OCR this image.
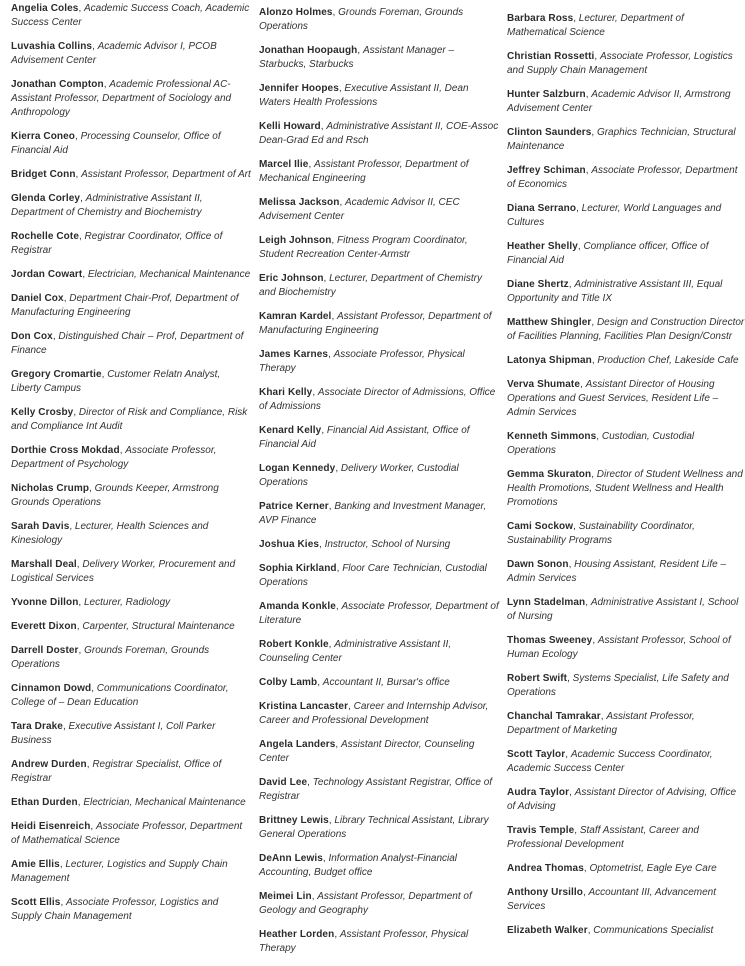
Angelia Coles, Academic Success Coach, Academic Success Center
Luvashia Collins, Academic Advisor I, PCOB Advisement Center
Jonathan Compton, Academic Professional AC-Assistant Professor, Department of Sociology and Anthropology
Kierra Coneo, Processing Counselor, Office of Financial Aid
Bridget Conn, Assistant Professor, Department of Art
Glenda Corley, Administrative Assistant II, Department of Chemistry and Biochemistry
Rochelle Cote, Registrar Coordinator, Office of Registrar
Jordan Cowart, Electrician, Mechanical Maintenance
Daniel Cox, Department Chair-Prof, Department of Manufacturing Engineering
Don Cox, Distinguished Chair – Prof, Department of Finance
Gregory Cromartie, Customer Relatn Analyst, Liberty Campus
Kelly Crosby, Director of Risk and Compliance, Risk and Compliance Int Audit
Dorthie Cross Mokdad, Associate Professor, Department of Psychology
Nicholas Crump, Grounds Keeper, Armstrong Grounds Operations
Sarah Davis, Lecturer, Health Sciences and Kinesiology
Marshall Deal, Delivery Worker, Procurement and Logistical Services
Yvonne Dillon, Lecturer, Radiology
Everett Dixon, Carpenter, Structural Maintenance
Darrell Doster, Grounds Foreman, Grounds Operations
Cinnamon Dowd, Communications Coordinator, College of – Dean Education
Tara Drake, Executive Assistant I, Coll Parker Business
Andrew Durden, Registrar Specialist, Office of Registrar
Ethan Durden, Electrician, Mechanical Maintenance
Heidi Eisenreich, Associate Professor, Department of Mathematical Science
Amie Ellis, Lecturer, Logistics and Supply Chain Management
Scott Ellis, Associate Professor, Logistics and Supply Chain Management
Alonzo Holmes, Grounds Foreman, Grounds Operations
Jonathan Hoopaugh, Assistant Manager – Starbucks, Starbucks
Jennifer Hoopes, Executive Assistant II, Dean Waters Health Professions
Kelli Howard, Administrative Assistant II, COE-Assoc Dean-Grad Ed and Rsch
Marcel Ilie, Assistant Professor, Department of Mechanical Engineering
Melissa Jackson, Academic Advisor II, CEC Advisement Center
Leigh Johnson, Fitness Program Coordinator, Student Recreation Center-Armstr
Eric Johnson, Lecturer, Department of Chemistry and Biochemistry
Kamran Kardel, Assistant Professor, Department of Manufacturing Engineering
James Karnes, Associate Professor, Physical Therapy
Khari Kelly, Associate Director of Admissions, Office of Admissions
Kenard Kelly, Financial Aid Assistant, Office of Financial Aid
Logan Kennedy, Delivery Worker, Custodial Operations
Patrice Kerner, Banking and Investment Manager, AVP Finance
Joshua Kies, Instructor, School of Nursing
Sophia Kirkland, Floor Care Technician, Custodial Operations
Amanda Konkle, Associate Professor, Department of Literature
Robert Konkle, Administrative Assistant II, Counseling Center
Colby Lamb, Accountant II, Bursar's office
Kristina Lancaster, Career and Internship Advisor, Career and Professional Development
Angela Landers, Assistant Director, Counseling Center
David Lee, Technology Assistant Registrar, Office of Registrar
Brittney Lewis, Library Technical Assistant, Library General Operations
DeAnn Lewis, Information Analyst-Financial Accounting, Budget office
Meimei Lin, Assistant Professor, Department of Geology and Geography
Heather Lorden, Assistant Professor, Physical Therapy
Barbara Ross, Lecturer, Department of Mathematical Science
Christian Rossetti, Associate Professor, Logistics and Supply Chain Management
Hunter Salzburn, Academic Advisor II, Armstrong Advisement Center
Clinton Saunders, Graphics Technician, Structural Maintenance
Jeffrey Schiman, Associate Professor, Department of Economics
Diana Serrano, Lecturer, World Languages and Cultures
Heather Shelly, Compliance officer, Office of Financial Aid
Diane Shertz, Administrative Assistant III, Equal Opportunity and Title IX
Matthew Shingler, Design and Construction Director of Facilities Planning, Facilities Plan Design/Constr
Latonya Shipman, Production Chef, Lakeside Cafe
Verva Shumate, Assistant Director of Housing Operations and Guest Services, Resident Life – Admin Services
Kenneth Simmons, Custodian, Custodial Operations
Gemma Skuraton, Director of Student Wellness and Health Promotions, Student Wellness and Health Promotions
Cami Sockow, Sustainability Coordinator, Sustainability Programs
Dawn Sonon, Housing Assistant, Resident Life – Admin Services
Lynn Stadelman, Administrative Assistant I, School of Nursing
Thomas Sweeney, Assistant Professor, School of Human Ecology
Robert Swift, Systems Specialist, Life Safety and Operations
Chanchal Tamrakar, Assistant Professor, Department of Marketing
Scott Taylor, Academic Success Coordinator, Academic Success Center
Audra Taylor, Assistant Director of Advising, Office of Advising
Travis Temple, Staff Assistant, Career and Professional Development
Andrea Thomas, Optometrist, Eagle Eye Care
Anthony Ursillo, Accountant III, Advancement Services
Elizabeth Walker, Communications Specialist
